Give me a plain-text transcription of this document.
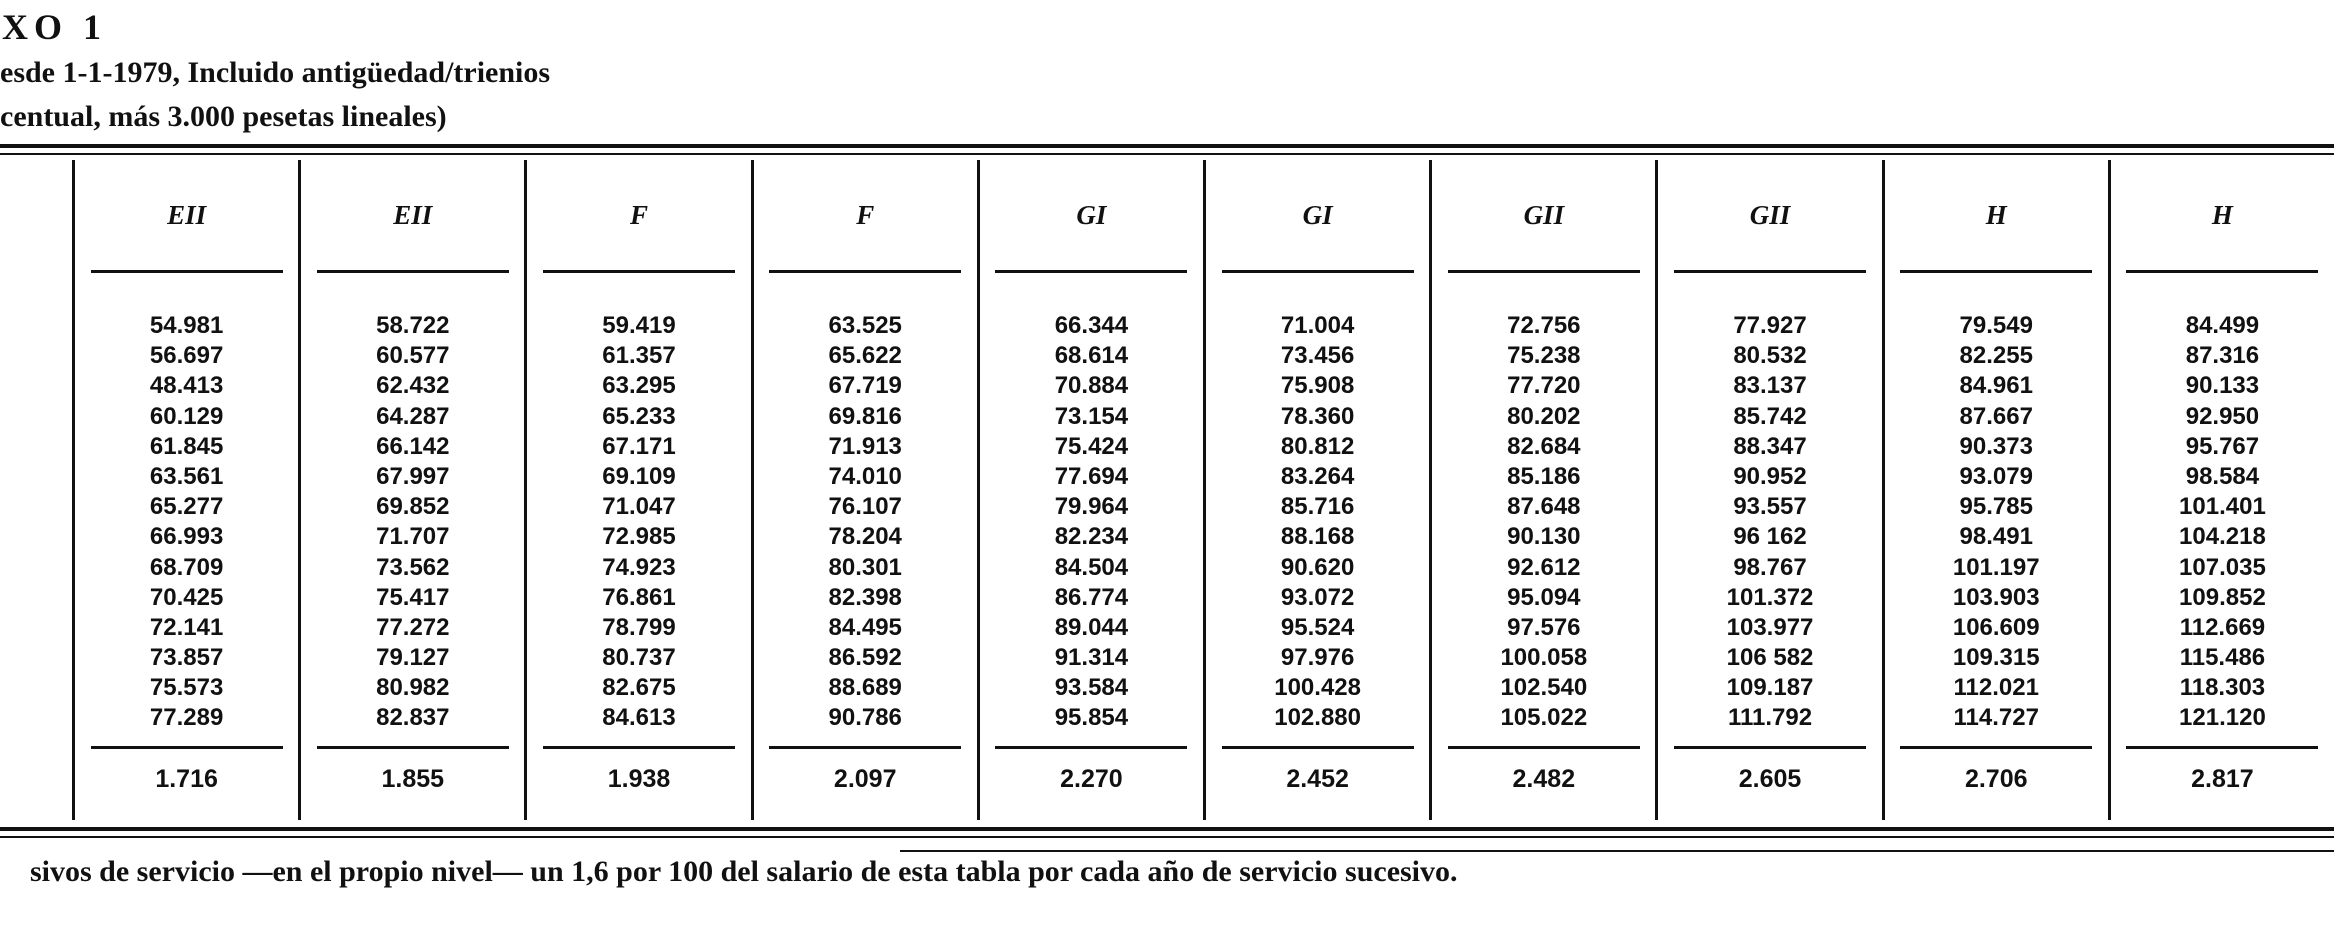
XO 1
esde 1-1-1979, Incluido antigüedad/trienios
centual, más 3.000 pesetas lineales)
EII
54.981
56.697
48.413
60.129
61.845
63.561
65.277
66.993
68.709
70.425
72.141
73.857
75.573
77.289
1.716
EII
58.722
60.577
62.432
64.287
66.142
67.997
69.852
71.707
73.562
75.417
77.272
79.127
80.982
82.837
1.855
F
59.419
61.357
63.295
65.233
67.171
69.109
71.047
72.985
74.923
76.861
78.799
80.737
82.675
84.613
1.938
F
63.525
65.622
67.719
69.816
71.913
74.010
76.107
78.204
80.301
82.398
84.495
86.592
88.689
90.786
2.097
GI
66.344
68.614
70.884
73.154
75.424
77.694
79.964
82.234
84.504
86.774
89.044
91.314
93.584
95.854
2.270
GI
71.004
73.456
75.908
78.360
80.812
83.264
85.716
88.168
90.620
93.072
95.524
97.976
100.428
102.880
2.452
GII
72.756
75.238
77.720
80.202
82.684
85.186
87.648
90.130
92.612
95.094
97.576
100.058
102.540
105.022
2.482
GII
77.927
80.532
83.137
85.742
88.347
90.952
93.557
96 162
98.767
101.372
103.977
106 582
109.187
111.792
2.605
H
79.549
82.255
84.961
87.667
90.373
93.079
95.785
98.491
101.197
103.903
106.609
109.315
112.021
114.727
2.706
H
84.499
87.316
90.133
92.950
95.767
98.584
101.401
104.218
107.035
109.852
112.669
115.486
118.303
121.120
2.817
sivos de servicio —en el propio nivel— un 1,6 por 100 del salario de esta tabla por cada año de servicio sucesivo.
